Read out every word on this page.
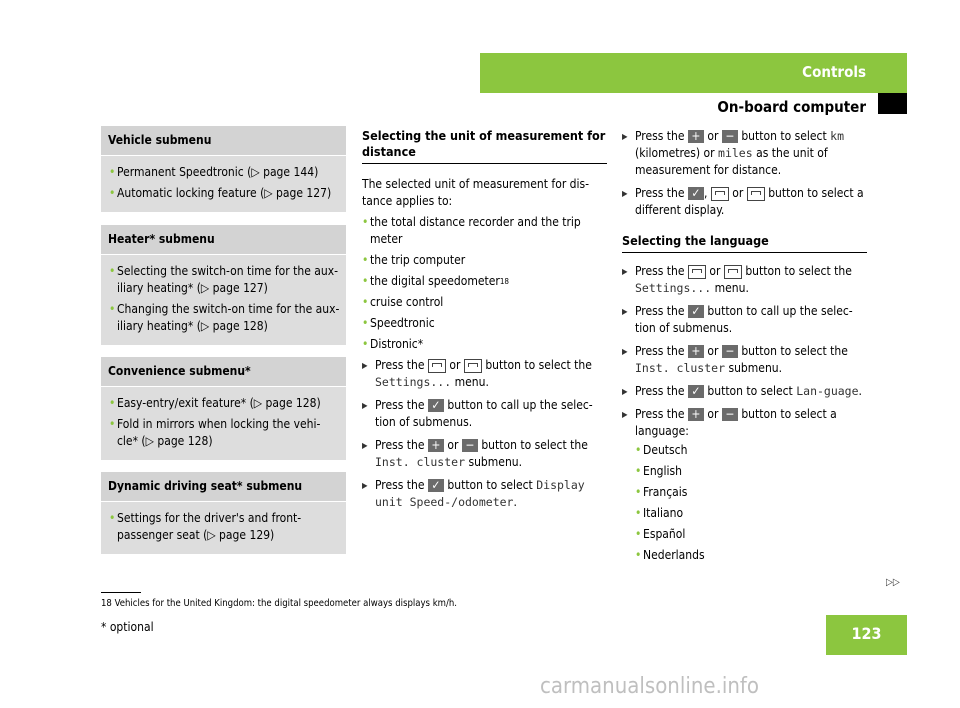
Controls
On-board computer
Vehicle submenu
• Permanent Speedtronic (▷ page 144)
• Automatic locking feature (▷ page 127)
Heater* submenu
• Selecting the switch-on time for the aux-iliary heating* (▷ page 127)
• Changing the switch-on time for the aux-iliary heating* (▷ page 128)
Convenience submenu*
• Easy-entry/exit feature* (▷ page 128)
• Fold in mirrors when locking the vehi-cle* (▷ page 128)
Dynamic driving seat* submenu
• Settings for the driver's and front-passenger seat (▷ page 129)
Selecting the unit of measurement for distance
The selected unit of measurement for dis-tance applies to:
• the total distance recorder and the trip meter
• the trip computer
• the digital speedometer$^{18}$
• cruise control
• Speedtronic
• Distronic*
▶ Press the or button to select the Settings... menu.
▶ Press the ✓ button to call up the selec-tion of submenus.
▶ Press the + or − button to select the Inst. cluster submenu.
▶ Press the ✓ button to select Display unit Speed-/odometer.
▶ Press the + or − button to select km (kilometres) or miles as the unit of measurement for distance.
▶ Press the ✓ , or button to select a different display.
Selecting the language
▶ Press the or button to select the Settings... menu.
▶ Press the ✓ button to call up the selec-tion of submenus.
▶ Press the + or − button to select the Inst. cluster submenu.
▶ Press the ✓ button to select Lan-guage.
▶ Press the + or − button to select a language:
• Deutsch
• English
• Français
• Italiano
• Español
• Nederlands
▷▷
18 Vehicles for the United Kingdom: the digital speedometer always displays km/h.
* optional	123
carmanualsonline.info
